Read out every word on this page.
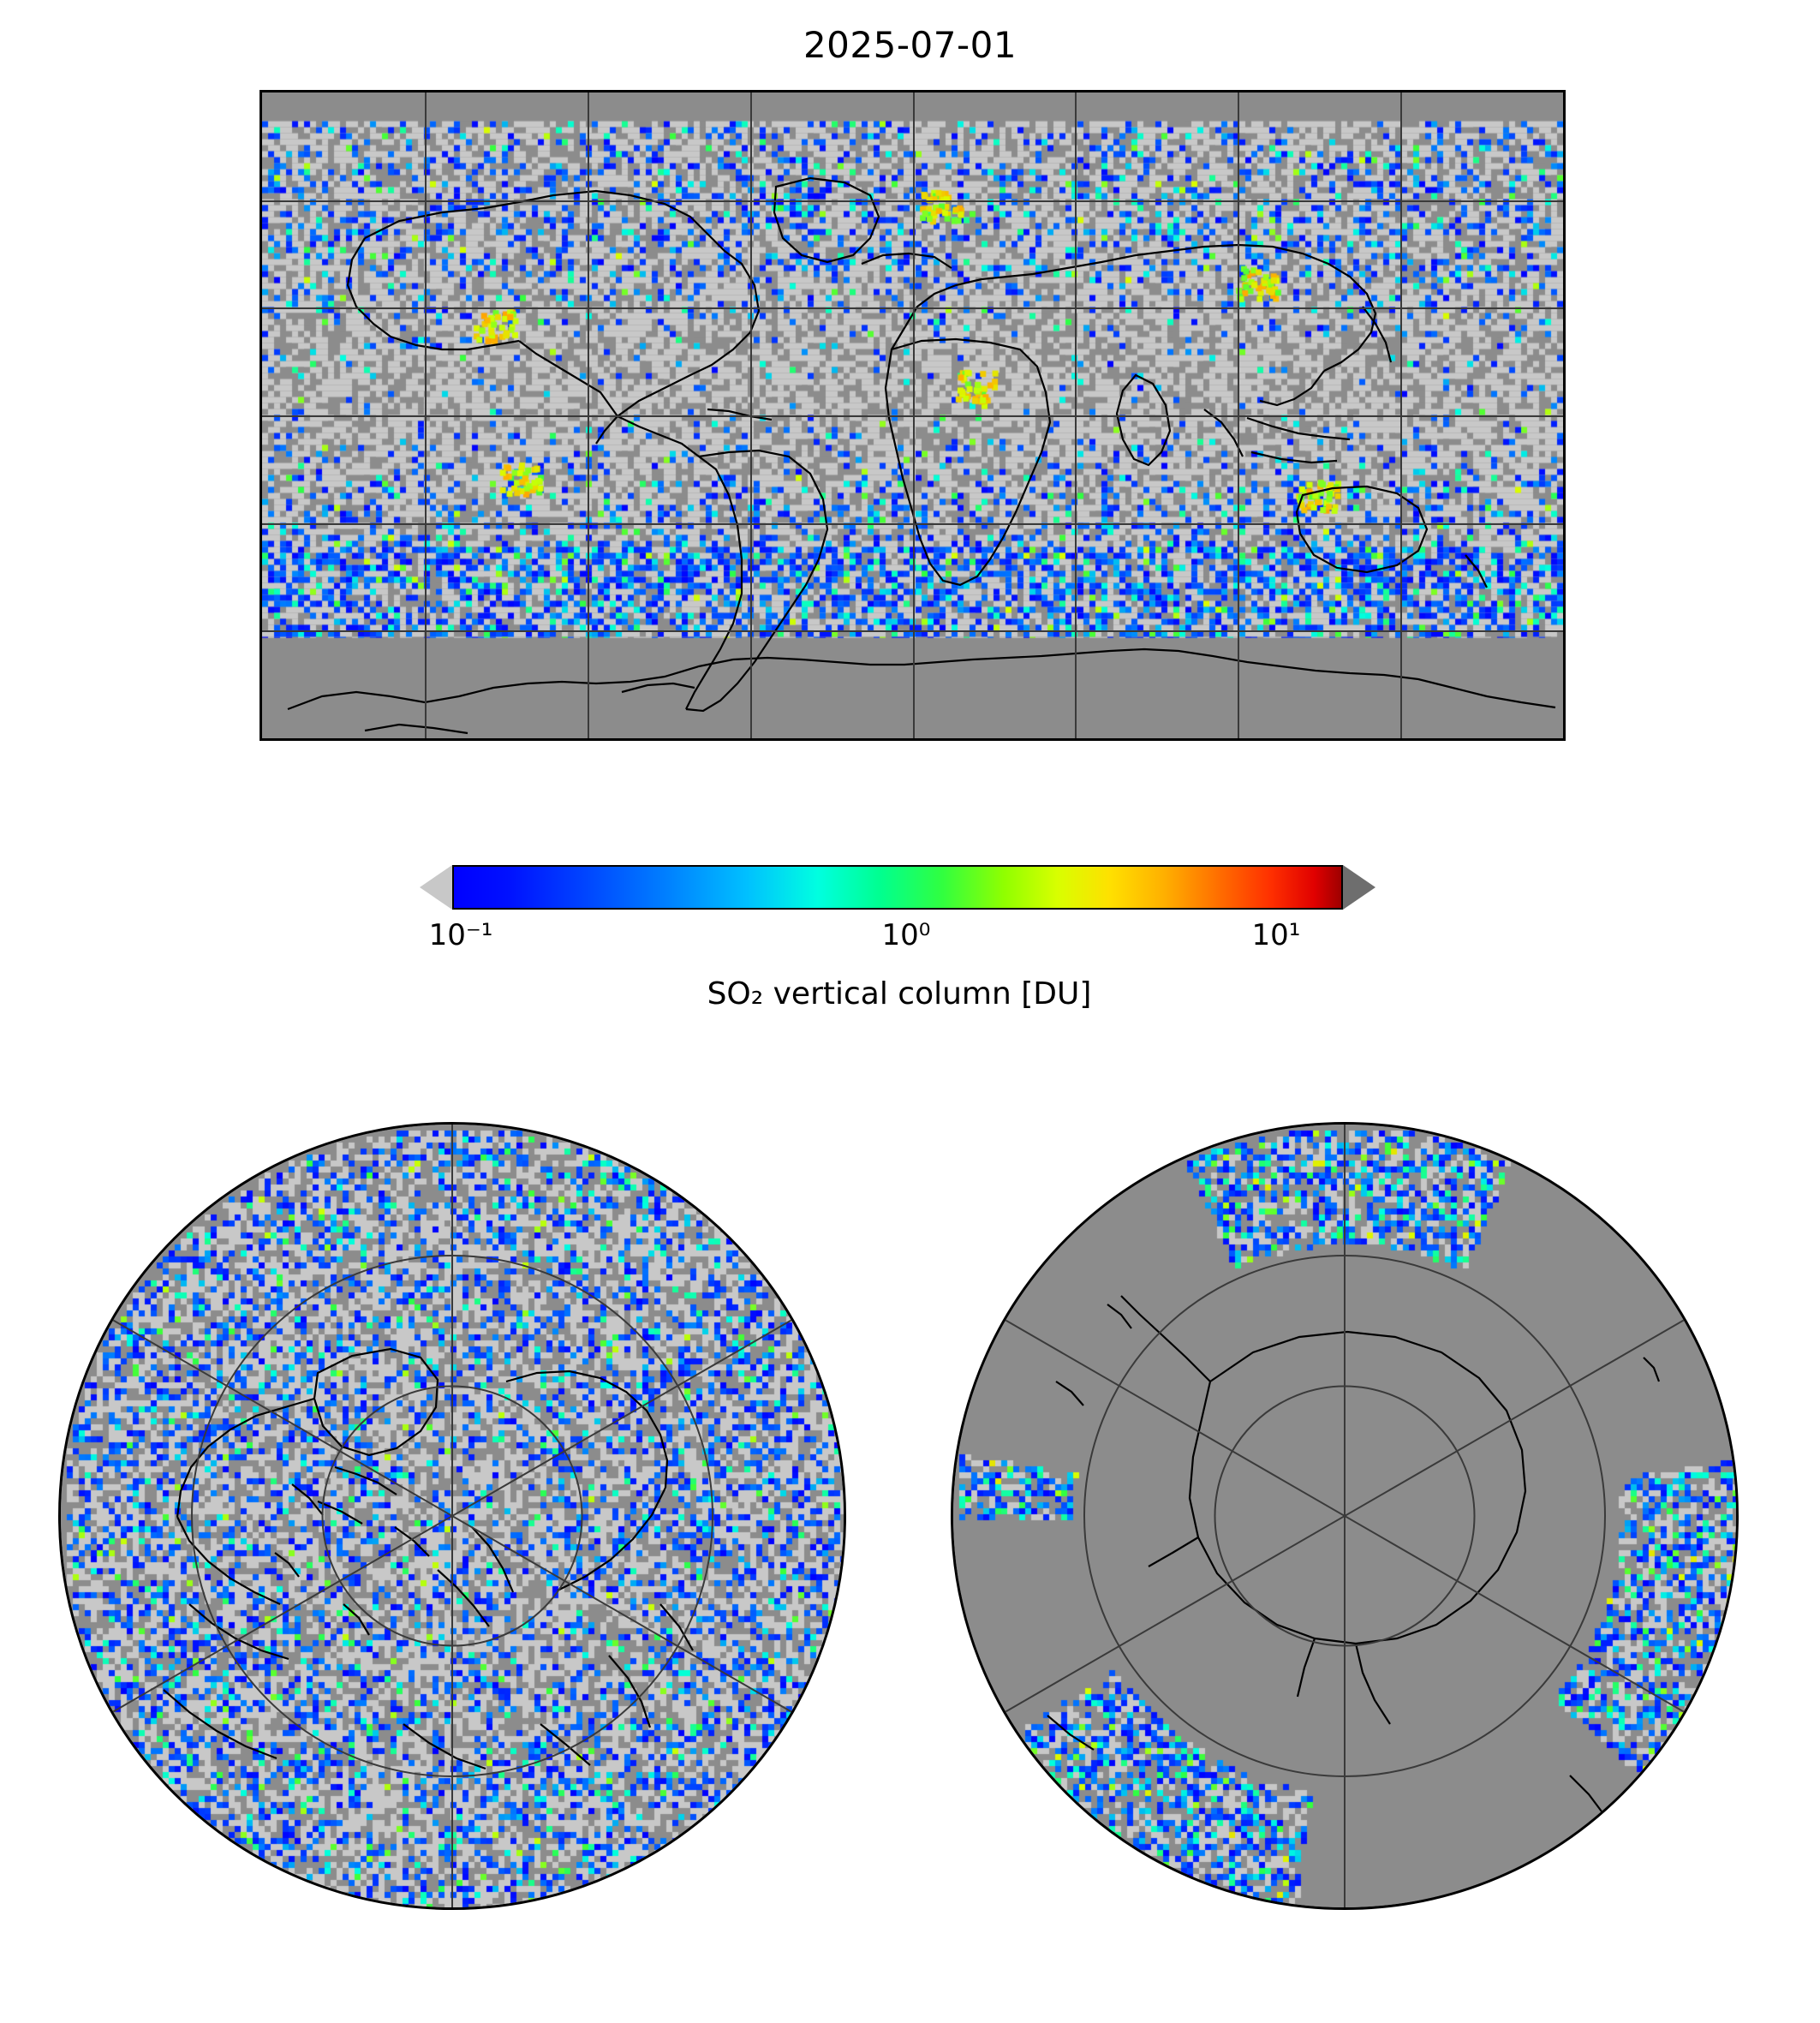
2025-07-01
10⁻¹	10⁰	10¹
SO₂ vertical column [DU]
